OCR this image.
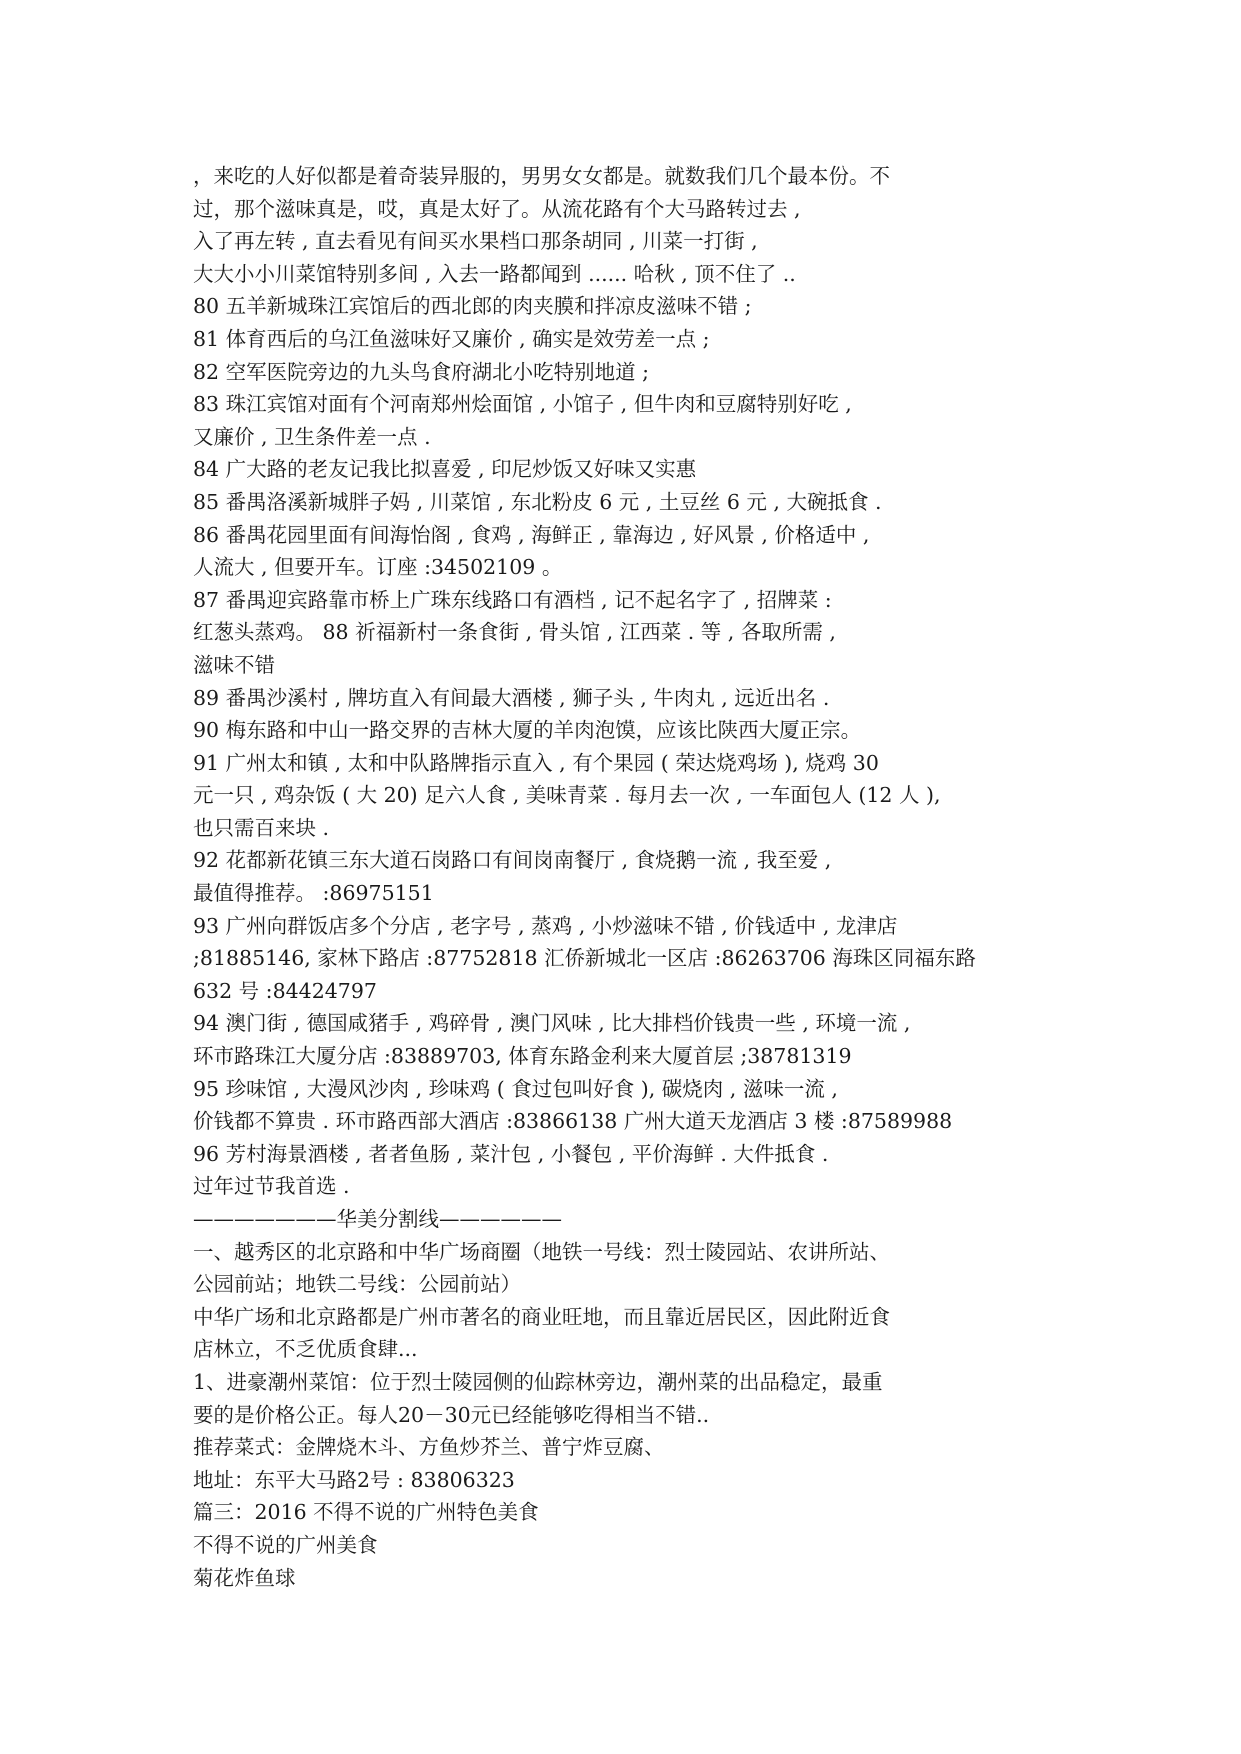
，来吃的人好似都是着奇装异服的，男男女女都是。就数我们几个最本份。不
过，那个滋味真是，哎，真是太好了。从流花路有个大马路转过去 ,
入了再左转 , 直去看见有间买水果档口那条胡同 , 川菜一打街 ,
大大小小川菜馆特别多间 , 入去一路都闻到 ...... 哈秋 , 顶不住了 ..
80 五羊新城珠江宾馆后的西北郎的肉夹膜和拌凉皮滋味不错 ;
81 体育西后的乌江鱼滋味好又廉价 , 确实是效劳差一点 ;
82 空军医院旁边的九头鸟食府湖北小吃特别地道 ;
83 珠江宾馆对面有个河南郑州烩面馆 , 小馆子 , 但牛肉和豆腐特别好吃 ,
又廉价 , 卫生条件差一点 .
84 广大路的老友记我比拟喜爱 , 印尼炒饭又好味又实惠
85 番禺洛溪新城胖子妈 , 川菜馆 , 东北粉皮 6 元 , 土豆丝 6 元 , 大碗抵食 .
86 番禺花园里面有间海怡阁 , 食鸡 , 海鲜正 , 靠海边 , 好风景 , 价格适中 ,
人流大 , 但要开车。订座 :34502109 。
87 番禺迎宾路靠市桥上广珠东线路口有酒档 , 记不起名字了 , 招牌菜 :
红葱头蒸鸡。 88 祈福新村一条食街 , 骨头馆 , 江西菜 . 等 , 各取所需 ,
滋味不错
89 番禺沙溪村 , 牌坊直入有间最大酒楼 , 狮子头 , 牛肉丸 , 远近出名 .
90 梅东路和中山一路交界的吉林大厦的羊肉泡馍，应该比陕西大厦正宗。
91 广州太和镇 , 太和中队路牌指示直入 , 有个果园 ( 荣达烧鸡场 ), 烧鸡 30
元一只 , 鸡杂饭 ( 大 20) 足六人食 , 美味青菜 . 每月去一次 , 一车面包人 (12 人 ),
也只需百来块 .
92 花都新花镇三东大道石岗路口有间岗南餐厅 , 食烧鹅一流 , 我至爱 ,
最值得推荐。 :86975151
93 广州向群饭店多个分店 , 老字号 , 蒸鸡 , 小炒滋味不错 , 价钱适中 , 龙津店
;81885146, 家林下路店 :87752818 汇侨新城北一区店 :86263706 海珠区同福东路
632 号 :84424797
94 澳门街 , 德国咸猪手 , 鸡碎骨 , 澳门风味 , 比大排档价钱贵一些 , 环境一流 ,
环市路珠江大厦分店 :83889703, 体育东路金利来大厦首层 ;38781319
95 珍味馆 , 大漫风沙肉 , 珍味鸡 ( 食过包叫好食 ), 碳烧肉 , 滋味一流 ,
价钱都不算贵 . 环市路西部大酒店 :83866138 广州大道天龙酒店 3 楼 :87589988
96 芳村海景酒楼 , 者者鱼肠 , 菜汁包 , 小餐包 , 平价海鲜 . 大件抵食 .
过年过节我首选 .
———————华美分割线——————
一、越秀区的北京路和中华广场商圈（地铁一号线：烈士陵园站、农讲所站、
公园前站；地铁二号线：公园前站）
中华广场和北京路都是广州市著名的商业旺地，而且靠近居民区，因此附近食
店林立，不乏优质食肆...
1、进豪潮州菜馆：位于烈士陵园侧的仙踪林旁边，潮州菜的出品稳定，最重
要的是价格公正。每人20－30元已经能够吃得相当不错..
推荐菜式：金牌烧木斗、方鱼炒芥兰、普宁炸豆腐、
地址：东平大马路2号 : 83806323
篇三：2016 不得不说的广州特色美食
不得不说的广州美食
菊花炸鱼球
